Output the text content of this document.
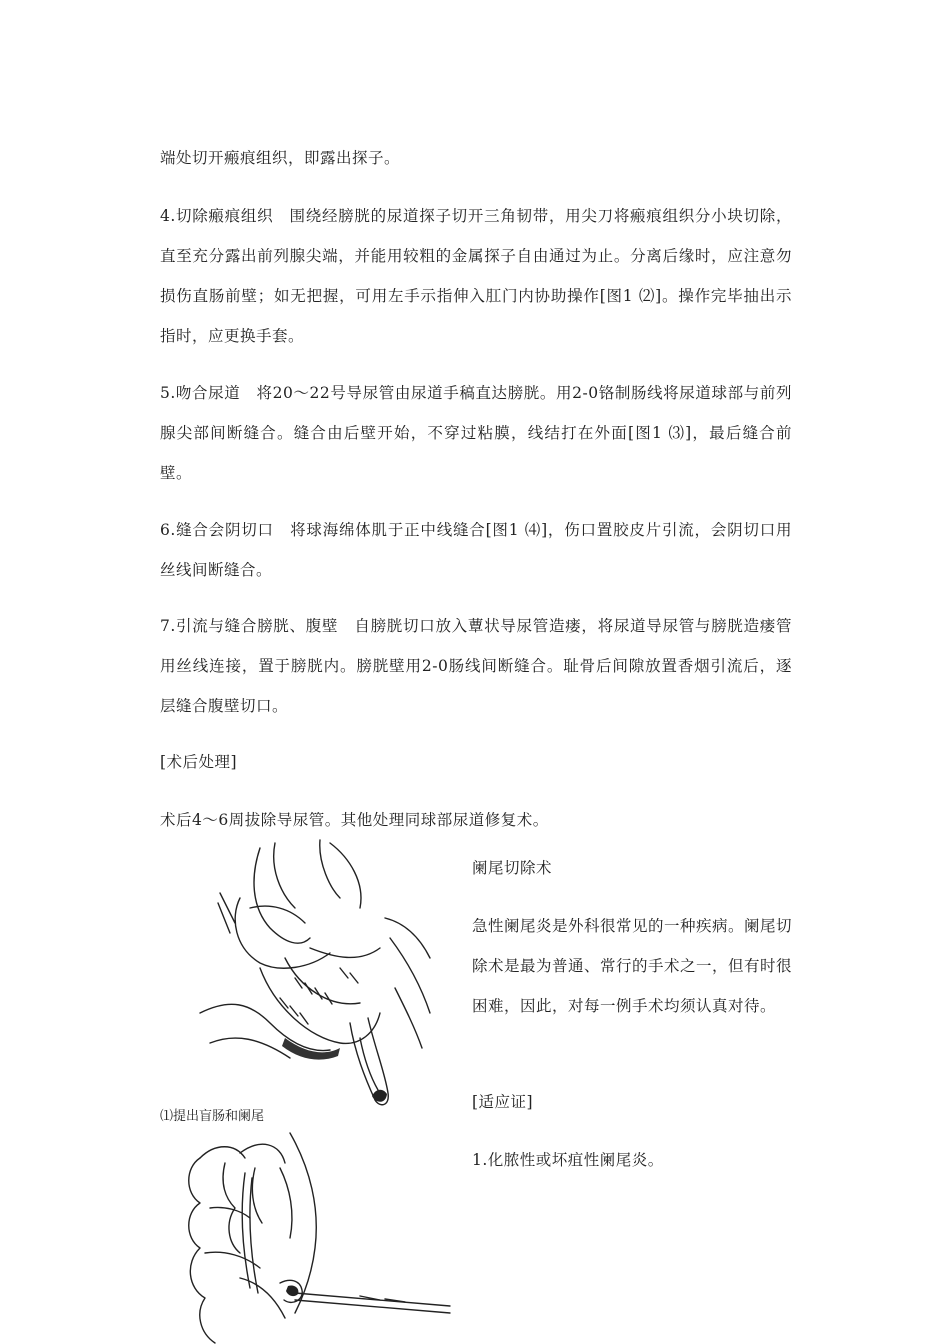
端处切开瘢痕组织，即露出探子。

4.切除瘢痕组织　围绕经膀胱的尿道探子切开三角韧带，用尖刀将瘢痕组织分小块切除，直至充分露出前列腺尖端，并能用较粗的金属探子自由通过为止。分离后缘时，应注意勿损伤直肠前壁；如无把握，可用左手示指伸入肛门内协助操作[图1 ⑵]。操作完毕抽出示指时，应更换手套。

5.吻合尿道　将20～22号导尿管由尿道手稿直达膀胱。用2-0铬制肠线将尿道球部与前列腺尖部间断缝合。缝合由后壁开始，不穿过粘膜，线结打在外面[图1 ⑶]，最后缝合前壁。

6.缝合会阴切口　将球海绵体肌于正中线缝合[图1 ⑷]，伤口置胶皮片引流，会阴切口用丝线间断缝合。

7.引流与缝合膀胱、腹壁　自膀胱切口放入蕈状导尿管造瘘，将尿道导尿管与膀胱造瘘管用丝线连接，置于膀胱内。膀胱壁用2-0肠线间断缝合。耻骨后间隙放置香烟引流后，逐层缝合腹壁切口。

[术后处理]

术后4～6周拔除导尿管。其他处理同球部尿道修复术。

阑尾切除术

急性阑尾炎是外科很常见的一种疾病。阑尾切除术是最为普通、常行的手术之一，但有时很困难，因此，对每一例手术均须认真对待。

[适应证]

1.化脓性或坏疽性阑尾炎。

⑴提出盲肠和阑尾
